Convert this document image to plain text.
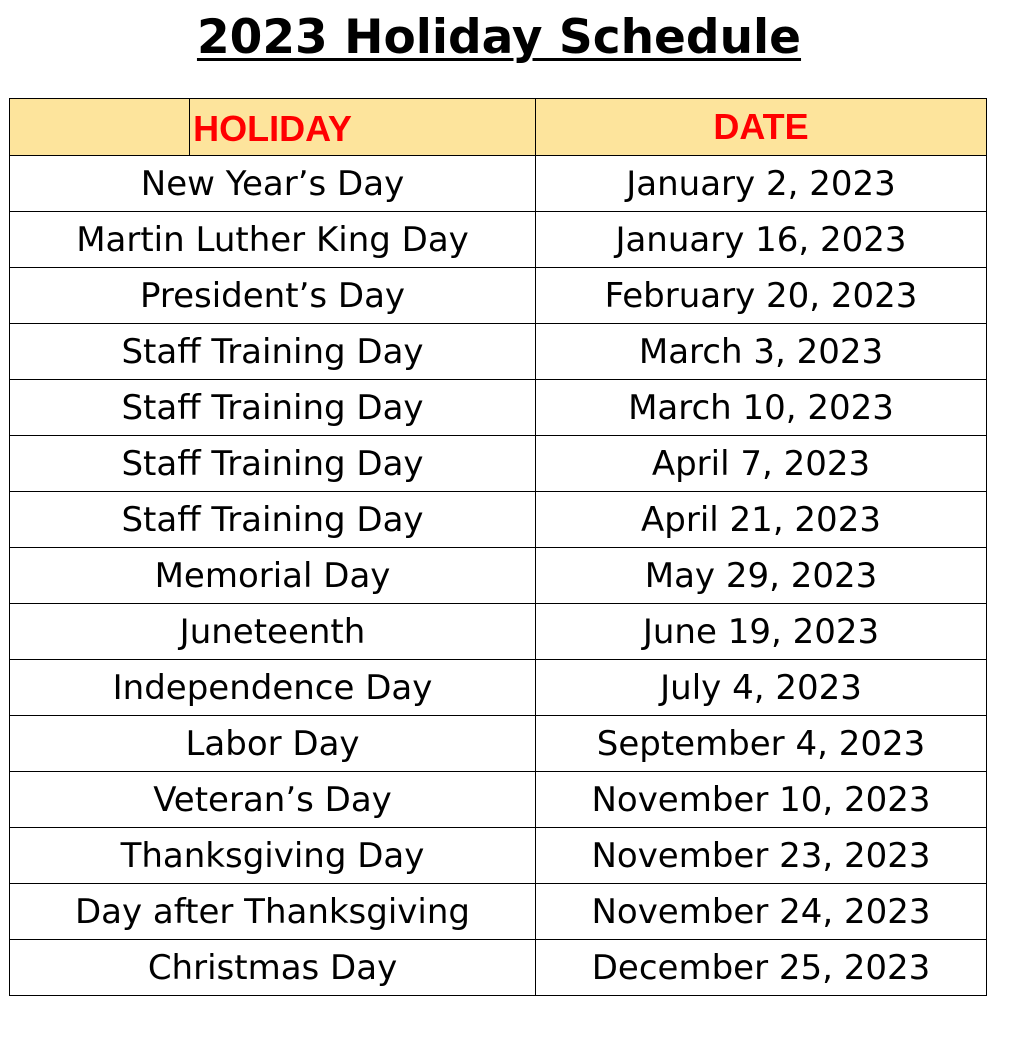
2023 Holiday Schedule
HOLIDAY	DATE
New Year’s Day	January 2, 2023
Martin Luther King Day	January 16, 2023
President’s Day	February 20, 2023
Staff Training Day	March 3, 2023
Staff Training Day	March 10, 2023
Staff Training Day	April 7, 2023
Staff Training Day	April 21, 2023
Memorial Day	May 29, 2023
Juneteenth	June 19, 2023
Independence Day	July 4, 2023
Labor Day	September 4, 2023
Veteran’s Day	November 10, 2023
Thanksgiving Day	November 23, 2023
Day after Thanksgiving	November 24, 2023
Christmas Day	December 25, 2023
